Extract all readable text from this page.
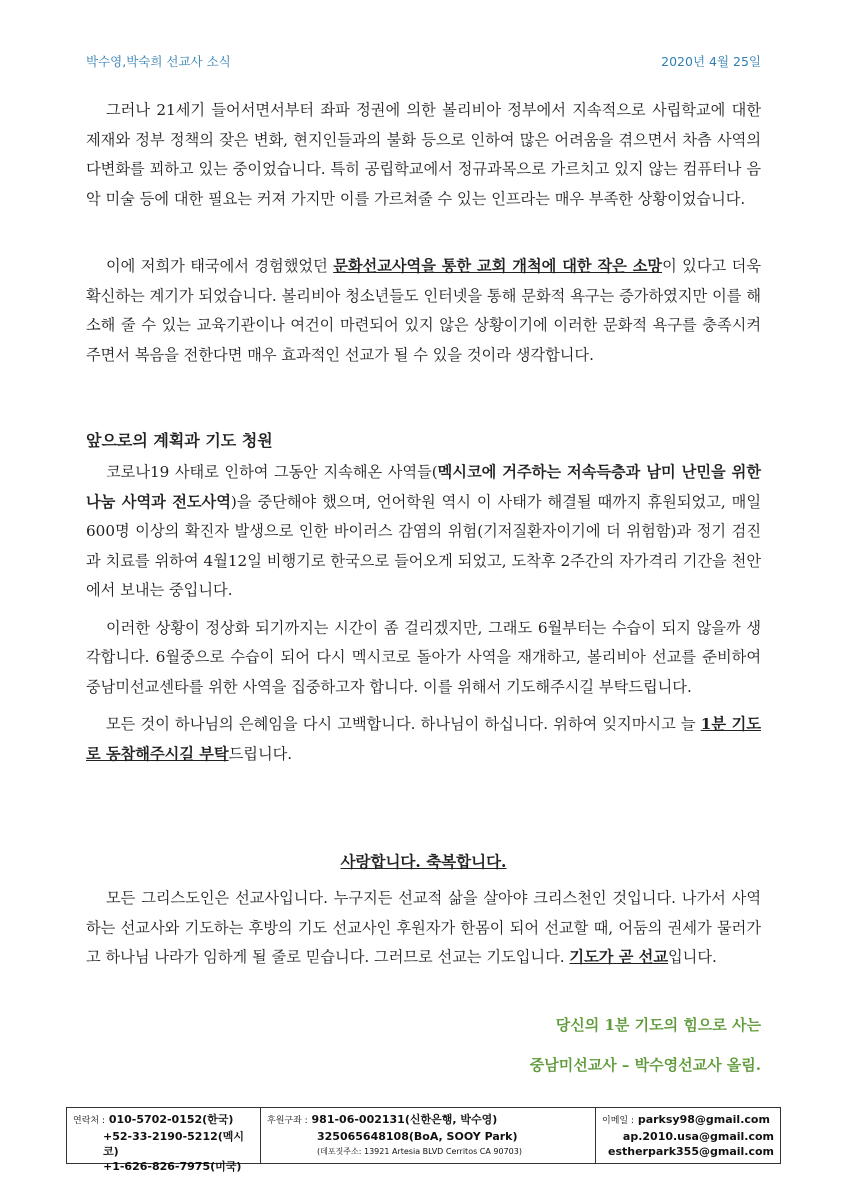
박수영,박숙희 선교사 소식	2020년 4월 25일

그러나 21세기 들어서면서부터 좌파 정권에 의한 볼리비아 정부에서 지속적으로 사립학교에 대한 제재와 정부 정책의 잦은 변화, 현지인들과의 불화 등으로 인하여 많은 어려움을 겪으면서 차츰 사역의 다변화를 꾀하고 있는 중이었습니다. 특히 공립학교에서 정규과목으로 가르치고 있지 않는 컴퓨터나 음악 미술 등에 대한 필요는 커져 가지만 이를 가르쳐줄 수 있는 인프라는 매우 부족한 상황이었습니다.

이에 저희가 태국에서 경험했었던 문화선교사역을 통한 교회 개척에 대한 작은 소망이 있다고 더욱 확신하는 계기가 되었습니다. 볼리비아 청소년들도 인터넷을 통해 문화적 욕구는 증가하였지만 이를 해소해 줄 수 있는 교육기관이나 여건이 마련되어 있지 않은 상황이기에 이러한 문화적 욕구를 충족시켜주면서 복음을 전한다면 매우 효과적인 선교가 될 수 있을 것이라 생각합니다.

앞으로의 계획과 기도 청원

코로나19 사태로 인하여 그동안 지속해온 사역들(멕시코에 거주하는 저속득층과 남미 난민을 위한 나눔 사역과 전도사역)을 중단해야 했으며, 언어학원 역시 이 사태가 해결될 때까지 휴원되었고, 매일 600명 이상의 확진자 발생으로 인한 바이러스 감염의 위험(기저질환자이기에 더 위험함)과 정기 검진과 치료를 위하여 4월12일 비행기로 한국으로 들어오게 되었고, 도착후 2주간의 자가격리 기간을 천안에서 보내는 중입니다.

이러한 상황이 정상화 되기까지는 시간이 좀 걸리겠지만, 그래도 6월부터는 수습이 되지 않을까 생각합니다. 6월중으로 수습이 되어 다시 멕시코로 돌아가 사역을 재개하고, 볼리비아 선교를 준비하여 중남미선교센타를 위한 사역을 집중하고자 합니다. 이를 위해서 기도해주시길 부탁드립니다.

모든 것이 하나님의 은혜임을 다시 고백합니다. 하나님이 하십니다. 위하여 잊지마시고 늘 1분 기도로 동참해주시길 부탁드립니다.

사랑합니다. 축복합니다.

모든 그리스도인은 선교사입니다. 누구지든 선교적 삶을 살아야 크리스천인 것입니다. 나가서 사역하는 선교사와 기도하는 후방의 기도 선교사인 후원자가 한몸이 되어 선교할 때, 어둠의 권세가 물러가고 하나님 나라가 임하게 될 줄로 믿습니다. 그러므로 선교는 기도입니다. 기도가 곧 선교입니다.

당신의 1분 기도의 힘으로 사는
중남미선교사 – 박수영선교사 올림.
연락처 : 010-5702-0152(한국)
+52-33-2190-5212(멕시코)
+1-626-826-7975(미국)
후원구좌 : 981-06-002131(신한은행, 박수영)
325065648108(BoA, SOOY Park)
(데포짓주소: 13921 Artesia BLVD Cerritos CA 90703)
이메일 : parksy98@gmail.com
ap.2010.usa@gmail.com
estherpark355@gmail.com
